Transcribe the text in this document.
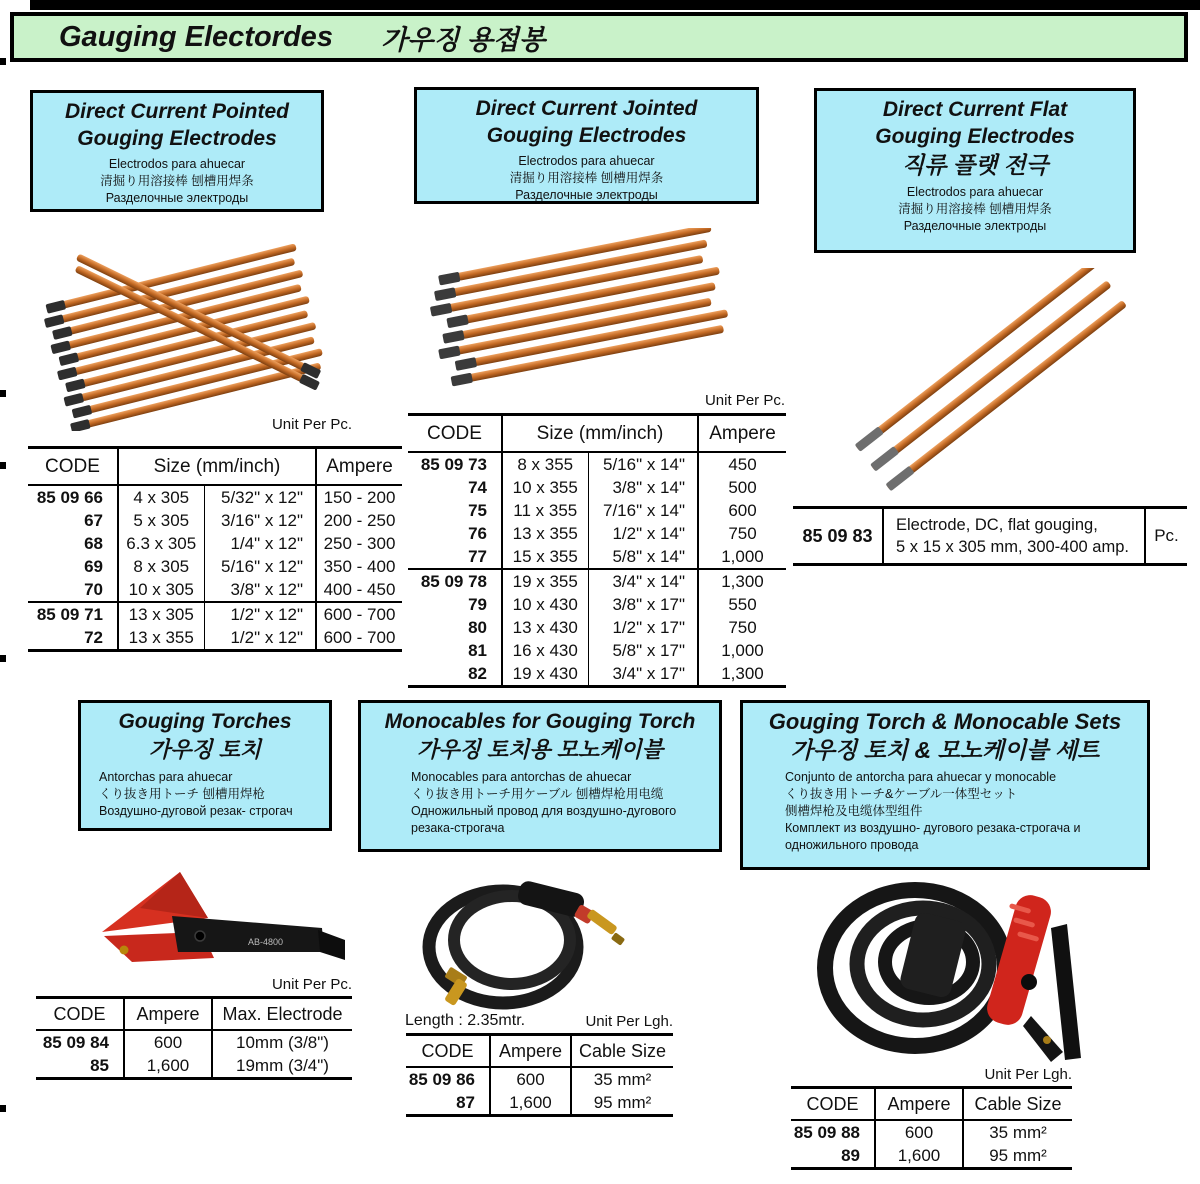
Gauging Electordes 가우징 용접봉
Direct Current Pointed
Gouging Electrodes
Electrodos para ahuecar
清掘り用溶接棒 刨槽用焊条
Разделочные электроды
Direct Current Jointed
Gouging Electrodes
Electrodos para ahuecar
清掘り用溶接棒 刨槽用焊条
Разделочные электроды
Direct Current Flat
Gouging Electrodes
직류 플랫 전극
Electrodos para ahuecar
清掘り用溶接棒 刨槽用焊条
Разделочные электроды
Unit Per Pc.
CODE	Size (mm/inch)		Ampere
85 09 66	4 x 305	5/32" x 12"	150 - 200
67	5 x 305	3/16" x 12"	200 - 250
68	6.3 x 305	1/4" x 12"	250 - 300
69	8 x 305	5/16" x 12"	350 - 400
70	10 x 305	3/8" x 12"	400 - 450
85 09 71	13 x 305	1/2" x 12"	600 - 700
72	13 x 355	1/2" x 12"	600 - 700
Unit Per Pc.
CODE	Size (mm/inch)		Ampere
85 09 73	8 x 355	5/16" x 14"	450
74	10 x 355	3/8" x 14"	500
75	11 x 355	7/16" x 14"	600
76	13 x 355	1/2" x 14"	750
77	15 x 355	5/8" x 14"	1,000
85 09 78	19 x 355	3/4" x 14"	1,300
79	10 x 430	3/8" x 17"	550
80	13 x 430	1/2" x 17"	750
81	16 x 430	5/8" x 17"	1,000
82	19 x 430	3/4" x 17"	1,300
85 09 83	
Electrode, DC, flat gouging,
5 x 15 x 305 mm, 300-400 amp.
	Pc.
Gouging Torches
가우징 토치
Antorchas para ahuecar
くり抜き用トーチ 刨槽用焊枪
Воздушно-дуговой резак- строгач
Monocables for Gouging Torch
가우징 토치용 모노케이블
Monocables para antorchas de ahuecar
くり抜き用トーチ用ケーブル 刨槽焊枪用电缆
Одножильный провод для воздушно-дугового
резака-строгача
Gouging Torch & Monocable Sets
가우징 토치 & 모노케이블 세트
Conjunto de antorcha para ahuecar y monocable
くり抜き用トーチ&ケーブル一体型セット
侧槽焊枪及电缆体型组件
Комплект из воздушно- дугового резака-строгача и
одножильного провода
AB-4800
Unit Per Pc.
CODE	Ampere	Max. Electrode
85 09 84	600	10mm (3/8")
85	1,600	19mm (3/4")
Length : 2.35mtr.	Unit Per Lgh.
CODE	Ampere	Cable Size
85 09 86	600	35 mm²
87	1,600	95 mm²
Unit Per Lgh.
CODE	Ampere	Cable Size
85 09 88	600	35 mm²
89	1,600	95 mm²
